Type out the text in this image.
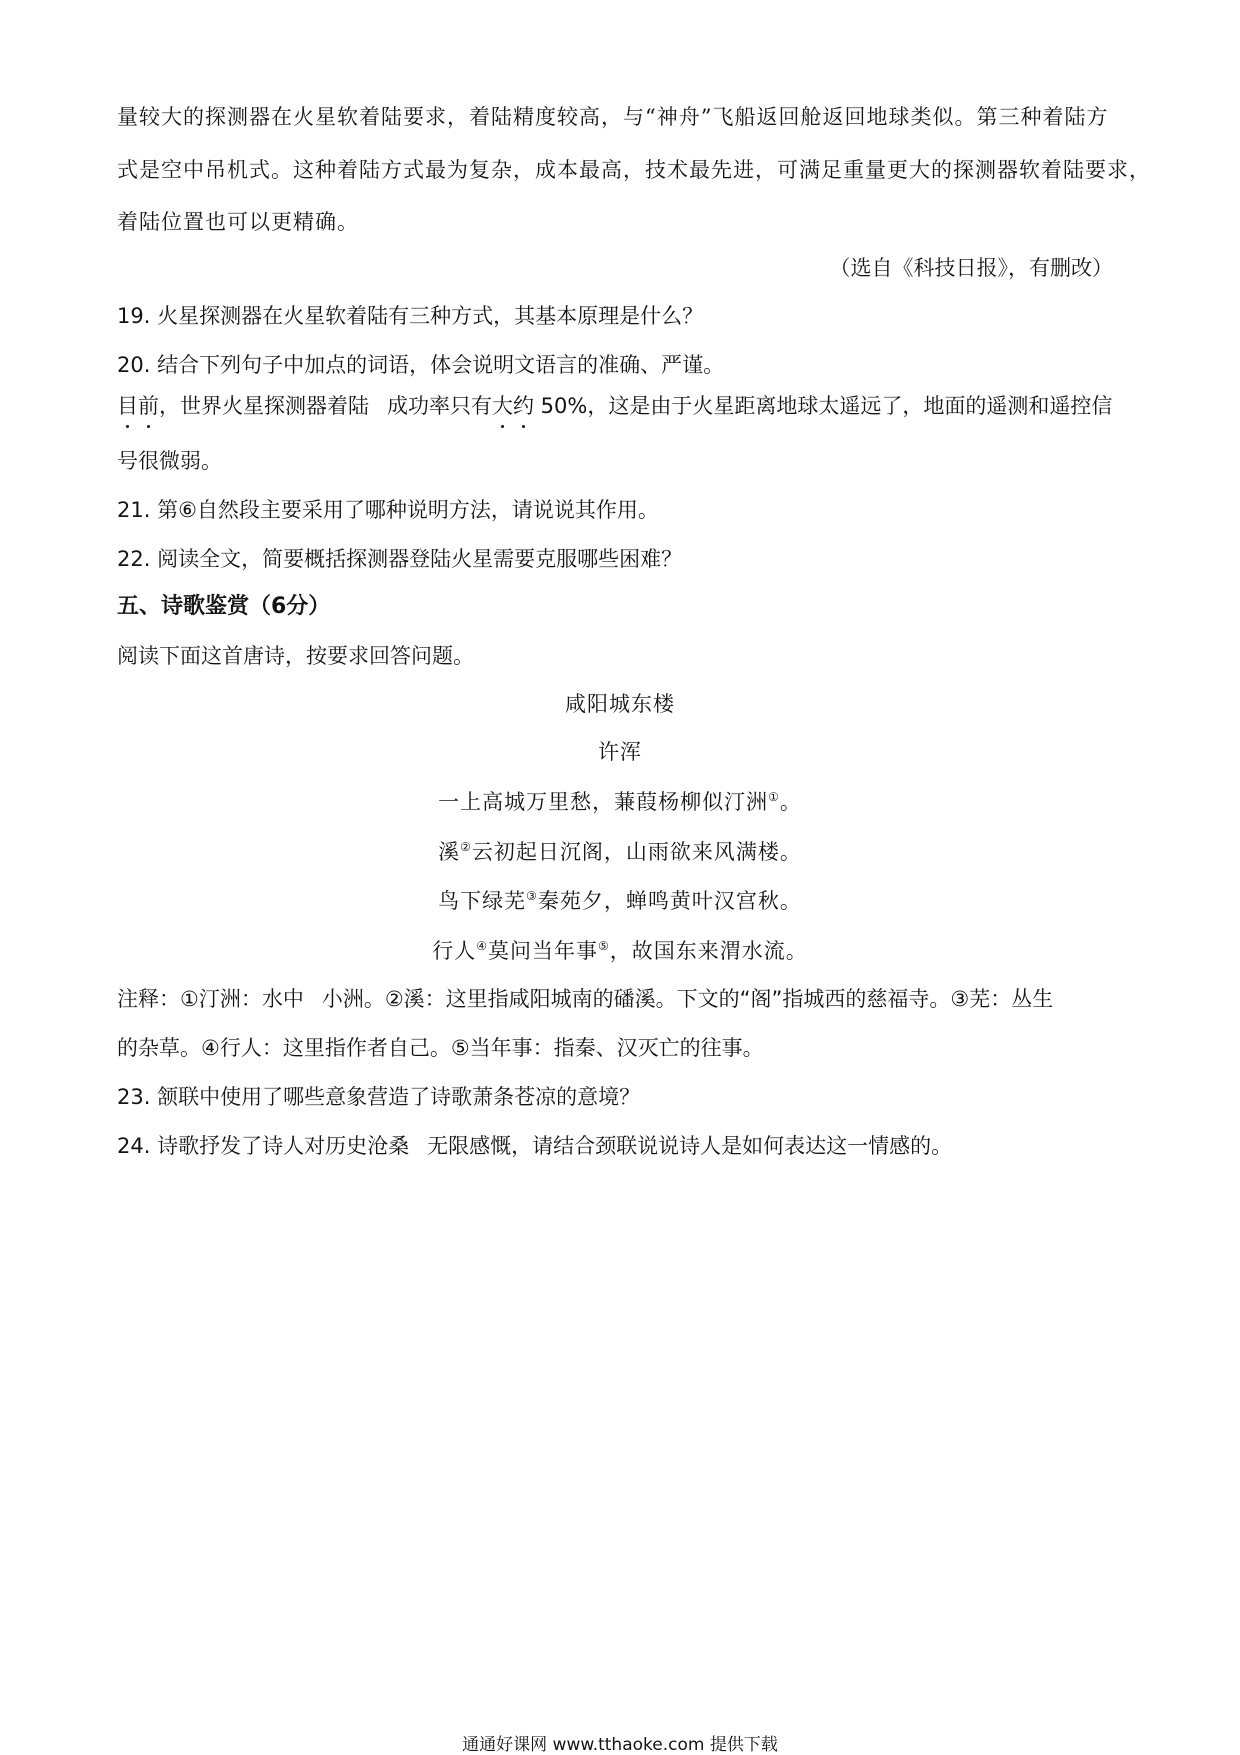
量较大的探测器在火星软着陆要求，着陆精度较高，与“神舟”飞船返回舱返回地球类似。第三种着陆方
式是空中吊机式。这种着陆方式最为复杂，成本最高，技术最先进，可满足重量更大的探测器软着陆要求，
着陆位置也可以更精确。
（选自《科技日报》，有删改）
19. 火星探测器在火星软着陆有三种方式，其基本原理是什么？
20. 结合下列句子中加点的词语，体会说明文语言的准确、严谨。
目前，世界火星探测器着陆 成功率只有大约 50%，这是由于火星距离地球太遥远了，地面的遥测和遥控信
号很微弱。
21. 第⑥自然段主要采用了哪种说明方法，请说说其作用。
22. 阅读全文，简要概括探测器登陆火星需要克服哪些困难？
五、诗歌鉴赏（6分）
阅读下面这首唐诗，按要求回答问题。
咸阳城东楼
许浑
一上高城万里愁，蒹葭杨柳似汀洲①。
溪②云初起日沉阁，山雨欲来风满楼。
鸟下绿芜③秦苑夕，蝉鸣黄叶汉宫秋。
行人④莫问当年事⑤，故国东来渭水流。
注释：①汀洲：水中 小洲。②溪：这里指咸阳城南的磻溪。下文的“阁”指城西的慈福寺。③芜：丛生
的杂草。④行人：这里指作者自己。⑤当年事：指秦、汉灭亡的往事。
23. 颔联中使用了哪些意象营造了诗歌萧条苍凉的意境？
24. 诗歌抒发了诗人对历史沧桑 无限感慨，请结合颈联说说诗人是如何表达这一情感的。
通通好课网 www.tthaoke.com 提供下载
